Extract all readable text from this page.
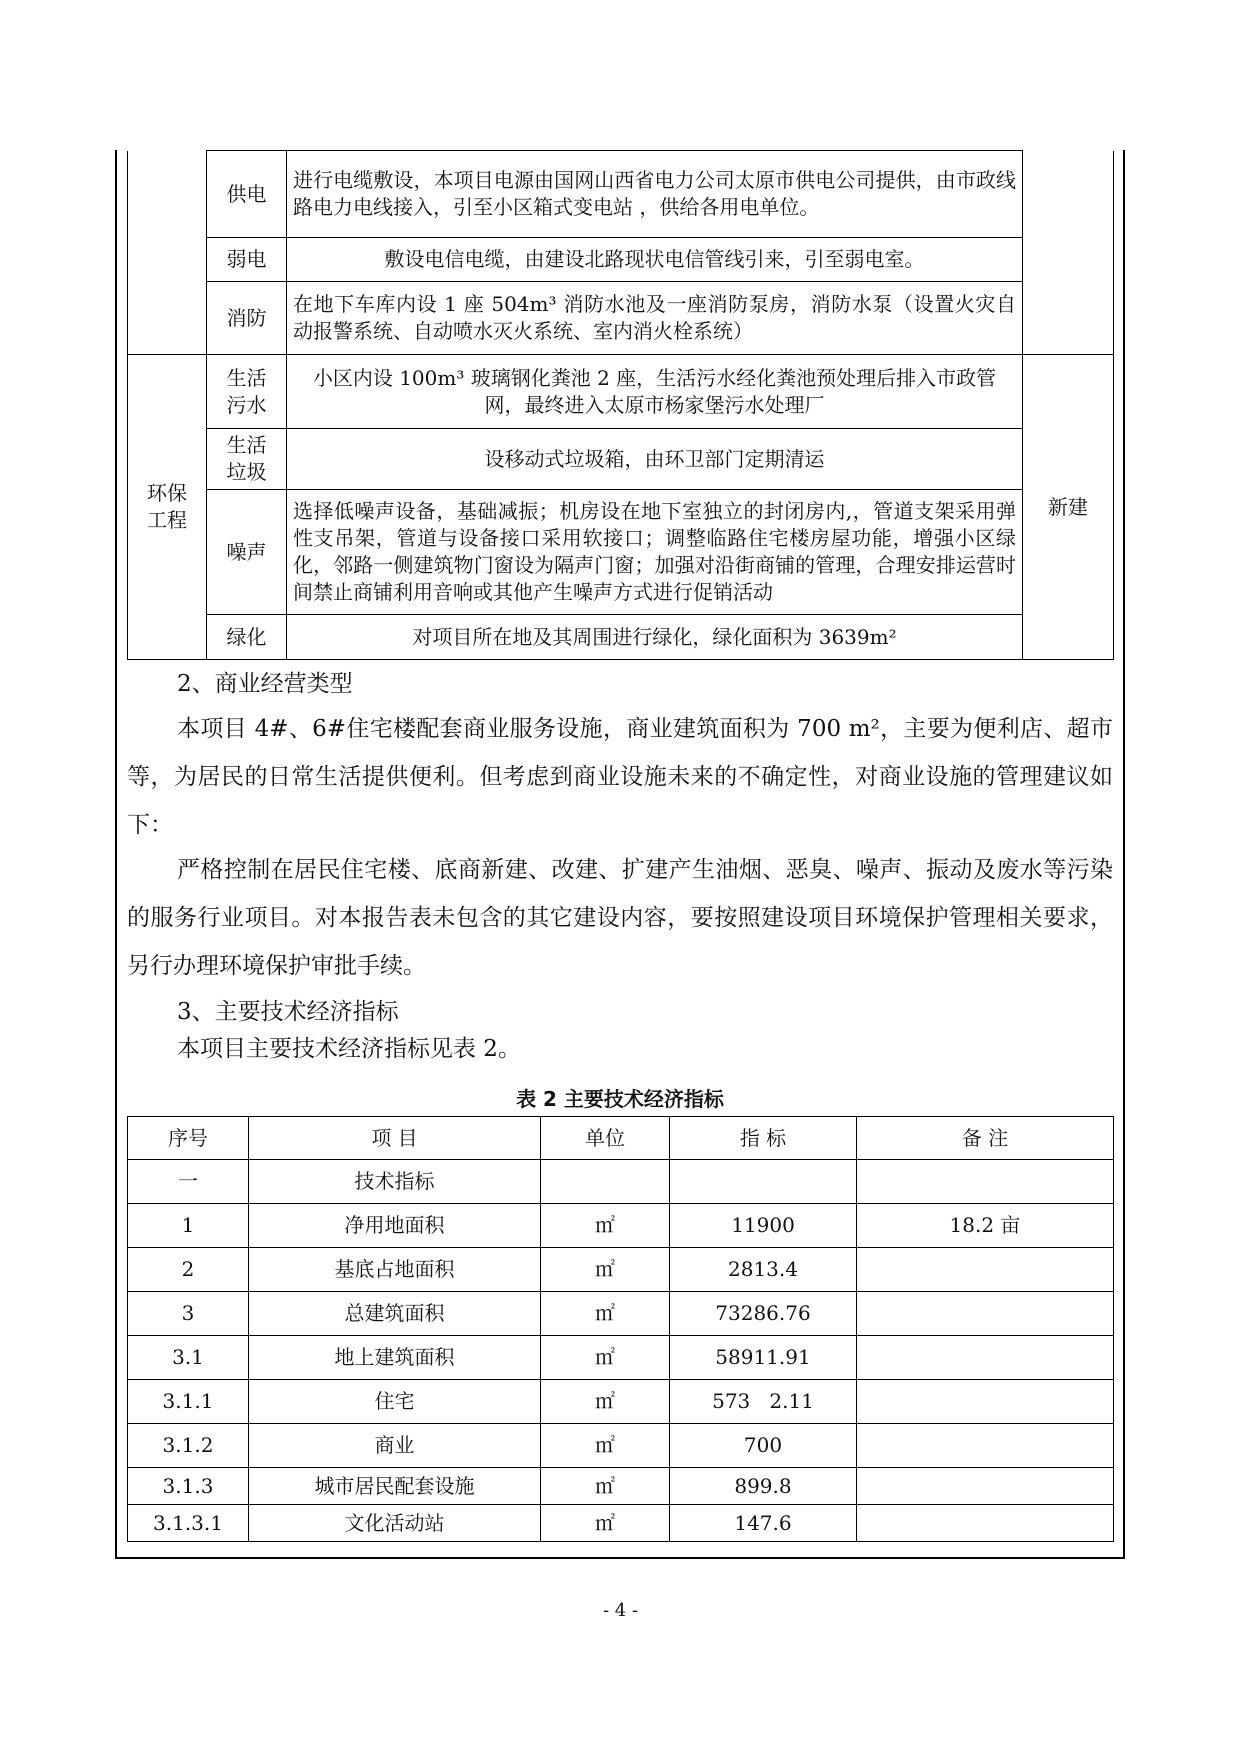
	供电	进行电缆敷设，本项目电源由国网山西省电力公司太原市供电公司提供，由市政线路电力电线接入，引至小区箱式变电站 ，供给各用电单位。	
	弱电	敷设电信电缆，由建设北路现状电信管线引来，引至弱电室。	
	消防	在地下车库内设 1 座 504m³ 消防水池及一座消防泵房，消防水泵（设置火灾自动报警系统、自动喷水灭火系统、室内消火栓系统）	
环保工程	生活污水	小区内设 100m³ 玻璃钢化粪池 2 座，生活污水经化粪池预处理后排入市政管网，最终进入太原市杨家堡污水处理厂	新建
	生活垃圾	设移动式垃圾箱，由环卫部门定期清运	
	噪声	选择低噪声设备，基础减振；机房设在地下室独立的封闭房内,，管道支架采用弹性支吊架，管道与设备接口采用软接口；调整临路住宅楼房屋功能，增强小区绿化，邻路一侧建筑物门窗设为隔声门窗；加强对沿街商铺的管理，合理安排运营时间禁止商铺利用音响或其他产生噪声方式进行促销活动	
	绿化	对项目所在地及其周围进行绿化，绿化面积为 3639m²	

2、商业经营类型

本项目 4#、6#住宅楼配套商业服务设施，商业建筑面积为 700 m²，主要为便利店、超市等，为居民的日常生活提供便利。但考虑到商业设施未来的不确定性，对商业设施的管理建议如下：

严格控制在居民住宅楼、底商新建、改建、扩建产生油烟、恶臭、噪声、振动及废水等污染的服务行业项目。对本报告表未包含的其它建设内容，要按照建设项目环境保护管理相关要求，另行办理环境保护审批手续。

3、主要技术经济指标

本项目主要技术经济指标见表 2。

表 2 主要技术经济指标

序号	项 目	单位	指 标	备 注
一	技术指标			
1	净用地面积	㎡	11900	18.2 亩
2	基底占地面积	㎡	2813.4	
3	总建筑面积	㎡	73286.76	
3.1	地上建筑面积	㎡	58911.91	
3.1.1	住宅	㎡	573   2.11	
3.1.2	商业	㎡	700	
3.1.3	城市居民配套设施	㎡	899.8	
3.1.3.1	文化活动站	㎡	147.6	

- 4 -
